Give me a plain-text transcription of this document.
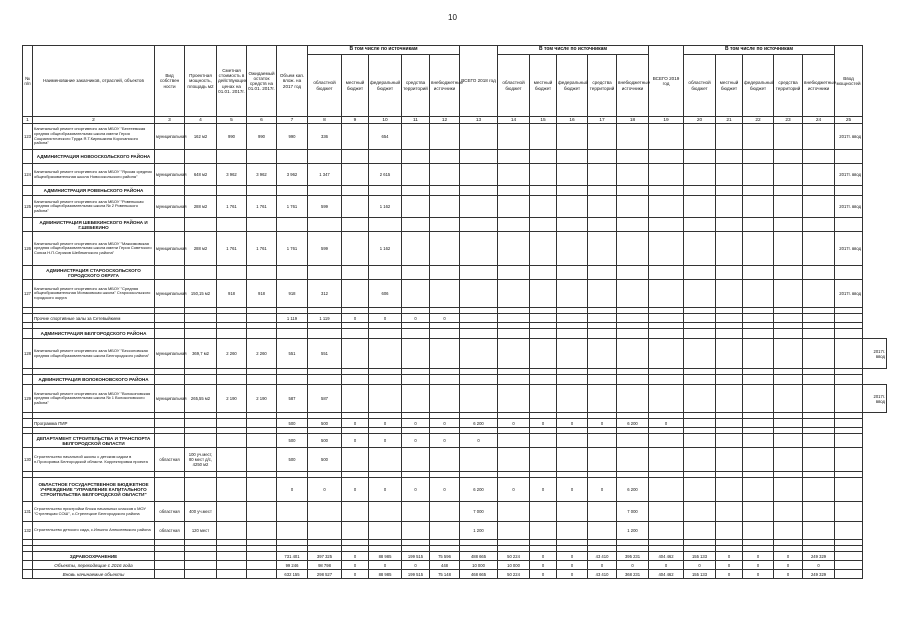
10
№ п/п	Наименование заказчиков, отраслей, объектов	Вид собствен ности	Проектная мощность, площадь м2	Сметная стоимость в действующих ценах на 01.01. 2017г.	Ожидаемый остаток средств на 01.01. 2017г.	Объем кап. влож. на 2017 год	В том числе по источникам					ВСЕГО 2018 год	В том числе по источникам					ВСЕГО 2019 год	В том числе по источникам					Ввод мощностей	
							областной бюджет	местный бюджет	федеральный бюджет	средства территорий	внебюджетные источники		областной бюджет	местный бюджет	федеральный бюджет	средства территорий	внебюджетные источники		областной бюджет	местный бюджет	федеральный бюджет	средства территорий	внебюджетные источники		
1	2	3	4	5	6	7	8	9	10	11	12	13	14	15	16	17	18	19	20	21	22	23	24	25	
123	Капитальный ремонт спортивного зала МБОУ "Бехтеевская средняя общеобразовательная школа имени Героя Социалистического Труда Я.Т.Кирюшкина Корочанского района"	муниципальная	162 м2	990	990	990	336		654															2017г. ввод	
	АДМИНИСТРАЦИЯ НОВООСКОЛЬСКОГО РАЙОНА																								
124	Капитальный ремонт спортивного зала МБОУ "Ярская средняя общеобразовательная школа Новооскольского района"	муниципальная	648 м2	3 962	3 962	3 962	1 347		2 615															2017г. ввод	
	АДМИНИСТРАЦИЯ РОВЕНЬСКОГО РАЙОНА																								
125	Капитальный ремонт спортивного зала МБОУ "Ровеньская средняя общеобразовательная школа № 2 Ровеньского района"	муниципальная	288 м2	1 761	1 761	1 761	599		1 162															2017г. ввод	
	АДМИНИСТРАЦИЯ ШЕБЕКИНСКОГО РАЙОНА И Г.ШЕБЕКИНО																								
126	Капитальный ремонт спортивного зала МБОУ "Максимовская средняя общеобразовательная школа имени Героя Советского Союза Н.П.Сериков Шебекинского района"	муниципальная	288 м2	1 761	1 761	1 761	599		1 162															2017г. ввод	
	АДМИНИСТРАЦИЯ СТАРООСКОЛЬСКОГО ГОРОДСКОГО ОКРУГА																								
127	Капитальный ремонт спортивного зала МБОУ "Средняя общеобразовательная Монаковская школа" Старооскольского городского округа	муниципальная	150,15 м2	918	918	918	312		606															2017г. ввод	

	Прочие спортивные залы за Сетевыйкием					1 119	1 119	0	0	0	0														

	АДМИНИСТРАЦИЯ БЕЛГОРОДСКОГО РАЙОНА																								
128	Капитальный ремонт спортивного зала МБОУ "Бессоновская средняя общеобразовательная школа Белгородского района"	муниципальная	369,7 м2	2 260	2 260	551	551																		2017г. ввод

	АДМИНИСТРАЦИЯ ВОЛОКОНОВСКОГО РАЙОНА																								
129	Капитальный ремонт спортивного зала МБОУ "Волоконовская средняя общеобразовательная школа № 1 Волоконовского района"	муниципальная	265,55 м2	2 190	2 190	587	587																		2017г. ввод

	Программа ПИР					500	500	0	0	0	0	6 200	0	0	0	0	6 200	0							

	ДЕПАРТАМЕНТ СТРОИТЕЛЬСТВА И ТРАНСПОРТА БЕЛГОРОДСКОЙ ОБЛАСТИ					500	500	0	0	0	0	0													
130	Строительство начальной школы с детским садом в п.Прохоровка Белгородской области. Корректировка проекта	областная	100 уч.мест, 80 мест д/с, 4250 м2			500	500																		

	ОБЛАСТНОЕ ГОСУДАРСТВЕННОЕ БЮДЖЕТНОЕ УЧРЕЖДЕНИЕ "УПРАВЛЕНИЕ КАПИТАЛЬНОГО СТРОИТЕЛЬСТВА БЕЛГОРОДСКОЙ ОБЛАСТИ"					0	0	0	0	0	0	6 200	0	0	0	0	6 200								
131	Строительство пристройки блока начальных классов к МОУ "Стрелецкая СОШ", с.Стрелецкое Белгородского района	областная	400 уч.мест									7 000					7 000								
132	Строительство детского сада, с.Ильино Алексеевского района	областная	120 мест									1 200					1 200								

	ЗДРАВООХРАНЕНИЕ					731 401	397 325	0	88 985	199 515	75 596	488 665	50 224	0	0	43 410	395 231	404 462	155 133	0	0	0	249 329		
	Объекты, переходящие с 2016 года					99 246	98 798	0	0	0	448	10 000	10 000	0	0	0	0	0	0	0	0	0	0		
	Вновь начинаемые объекты					632 155	298 527	0	88 985	199 515	75 148	468 665	50 224	0	0	43 410	368 231	404 462	155 133	0	0	0	249 329		
